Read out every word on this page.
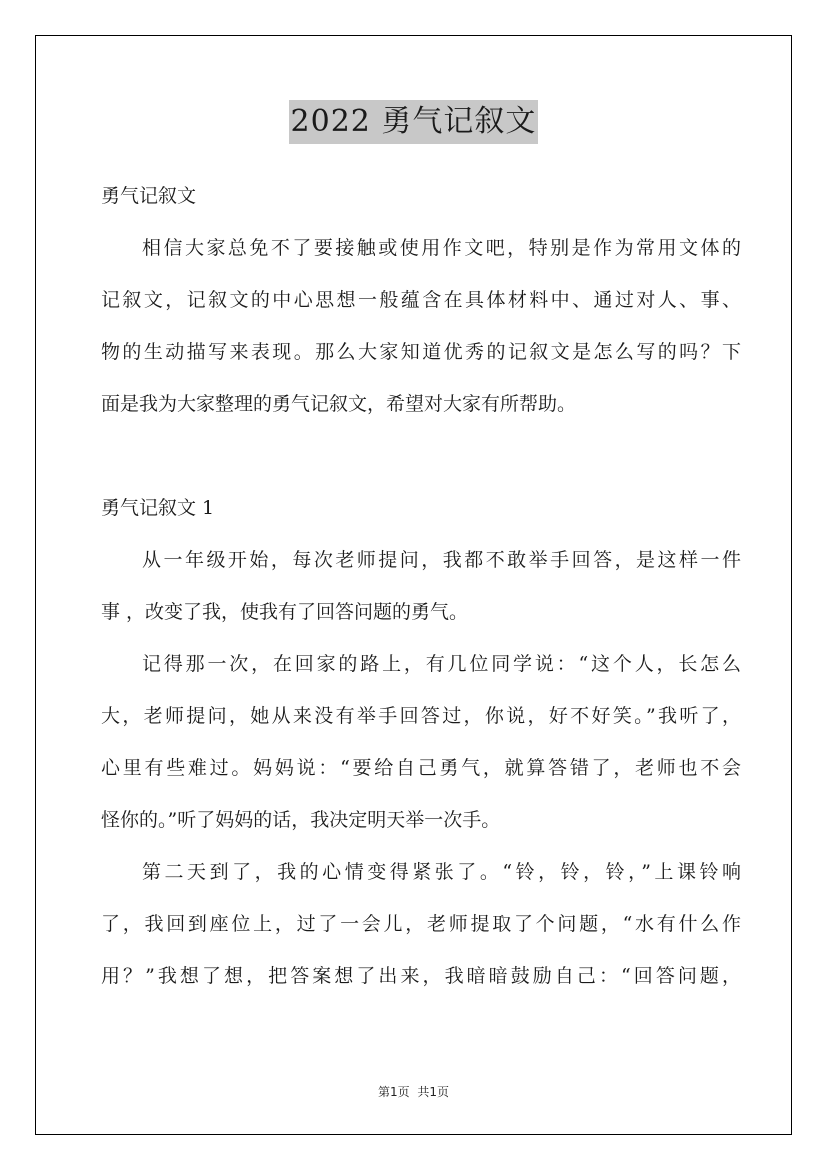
2022 勇气记叙文
勇气记叙文
相信大家总免不了要接触或使用作文吧，特别是作为常用文体的
记叙文，记叙文的中心思想一般蕴含在具体材料中、通过对人、事、
物的生动描写来表现。那么大家知道优秀的记叙文是怎么写的吗？下
面是我为大家整理的勇气记叙文，希望对大家有所帮助。
勇气记叙文 1
从一年级开始，每次老师提问，我都不敢举手回答，是这样一件
事 ，改变了我，使我有了回答问题的勇气。
记得那一次，在回家的路上，有几位同学说：“这个人，长怎么
大，老师提问，她从来没有举手回答过，你说，好不好笑。”我听了，
心里有些难过。妈妈说：“要给自己勇气，就算答错了，老师也不会
怪你的。”听了妈妈的话，我决定明天举一次手。
第二天到了，我的心情变得紧张了。“铃，铃，铃，”上课铃响
了，我回到座位上，过了一会儿，老师提取了个问题，“水有什么作
用？”我想了想，把答案想了出来，我暗暗鼓励自己：“回答问题，
第1页 共1页
